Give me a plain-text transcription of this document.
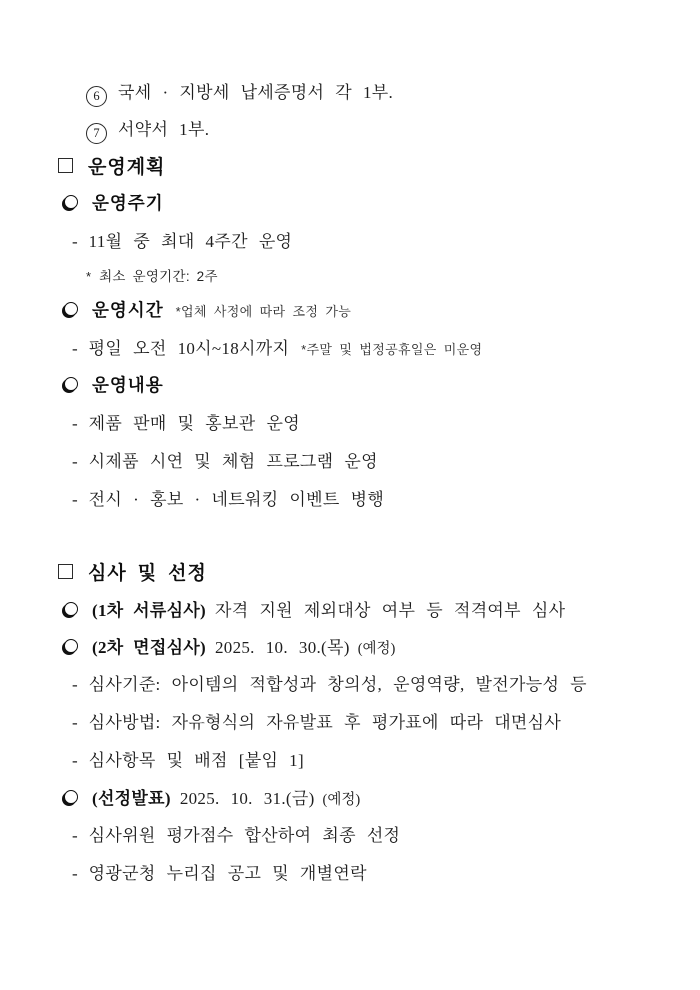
6	국세 · 지방세 납세증명서 각 1부.
7	서약서 1부.
운영계획
운영주기
- 11월 중 최대 4주간 운영
* 최소 운영기간: 2주
운영시간 *업체 사정에 따라 조정 가능
- 평일 오전 10시~18시까지 *주말 및 법정공휴일은 미운영
운영내용
- 제품 판매 및 홍보관 운영
- 시제품 시연 및 체험 프로그램 운영
- 전시 · 홍보 · 네트워킹 이벤트 병행
심사 및 선정
(1차 서류심사) 자격 지원 제외대상 여부 등 적격여부 심사
(2차 면접심사) 2025. 10. 30.(목) (예정)
- 심사기준: 아이템의 적합성과 창의성, 운영역량, 발전가능성 등
- 심사방법: 자유형식의 자유발표 후 평가표에 따라 대면심사
- 심사항목 및 배점 [붙임 1]
(선정발표) 2025. 10. 31.(금) (예정)
- 심사위원 평가점수 합산하여 최종 선정
- 영광군청 누리집 공고 및 개별연락
